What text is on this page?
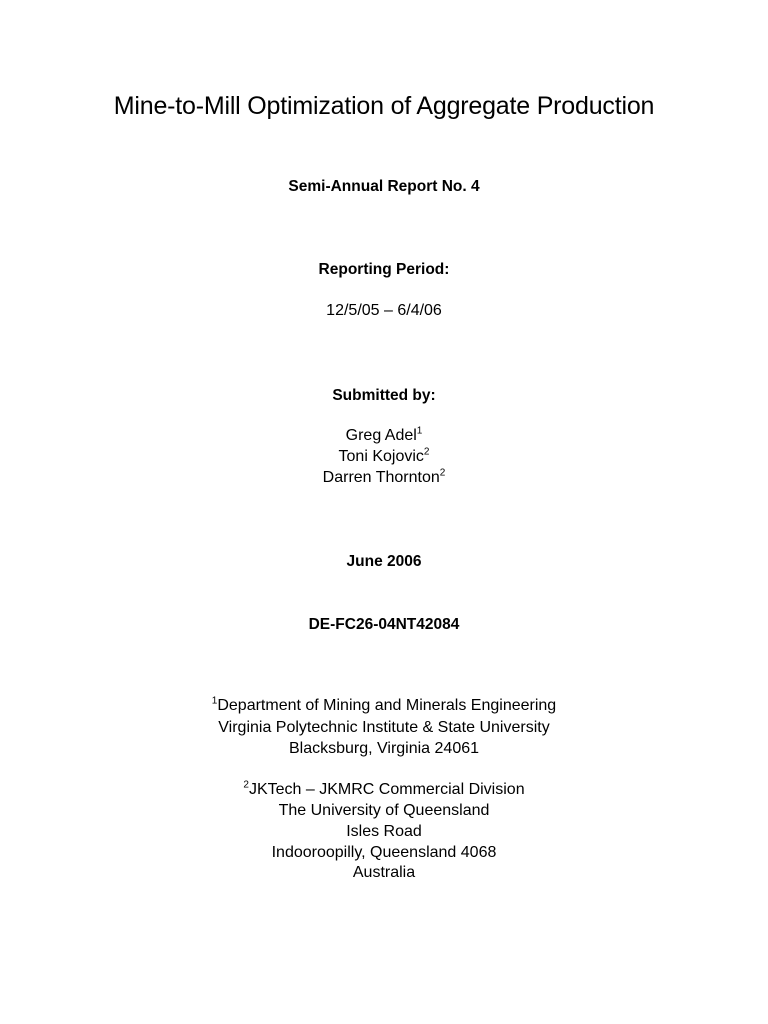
Mine-to-Mill Optimization of Aggregate Production
Semi-Annual Report No. 4
Reporting Period:
12/5/05 – 6/4/06
Submitted by:
Greg Adel$^1$
Toni Kojovic$^2$
Darren Thornton$^2$
June 2006
DE-FC26-04NT42084
$^1$Department of Mining and Minerals Engineering
Virginia Polytechnic Institute & State University
Blacksburg, Virginia 24061
$^2$JKTech – JKMRC Commercial Division
The University of Queensland
Isles Road
Indooroopilly, Queensland 4068
Australia
